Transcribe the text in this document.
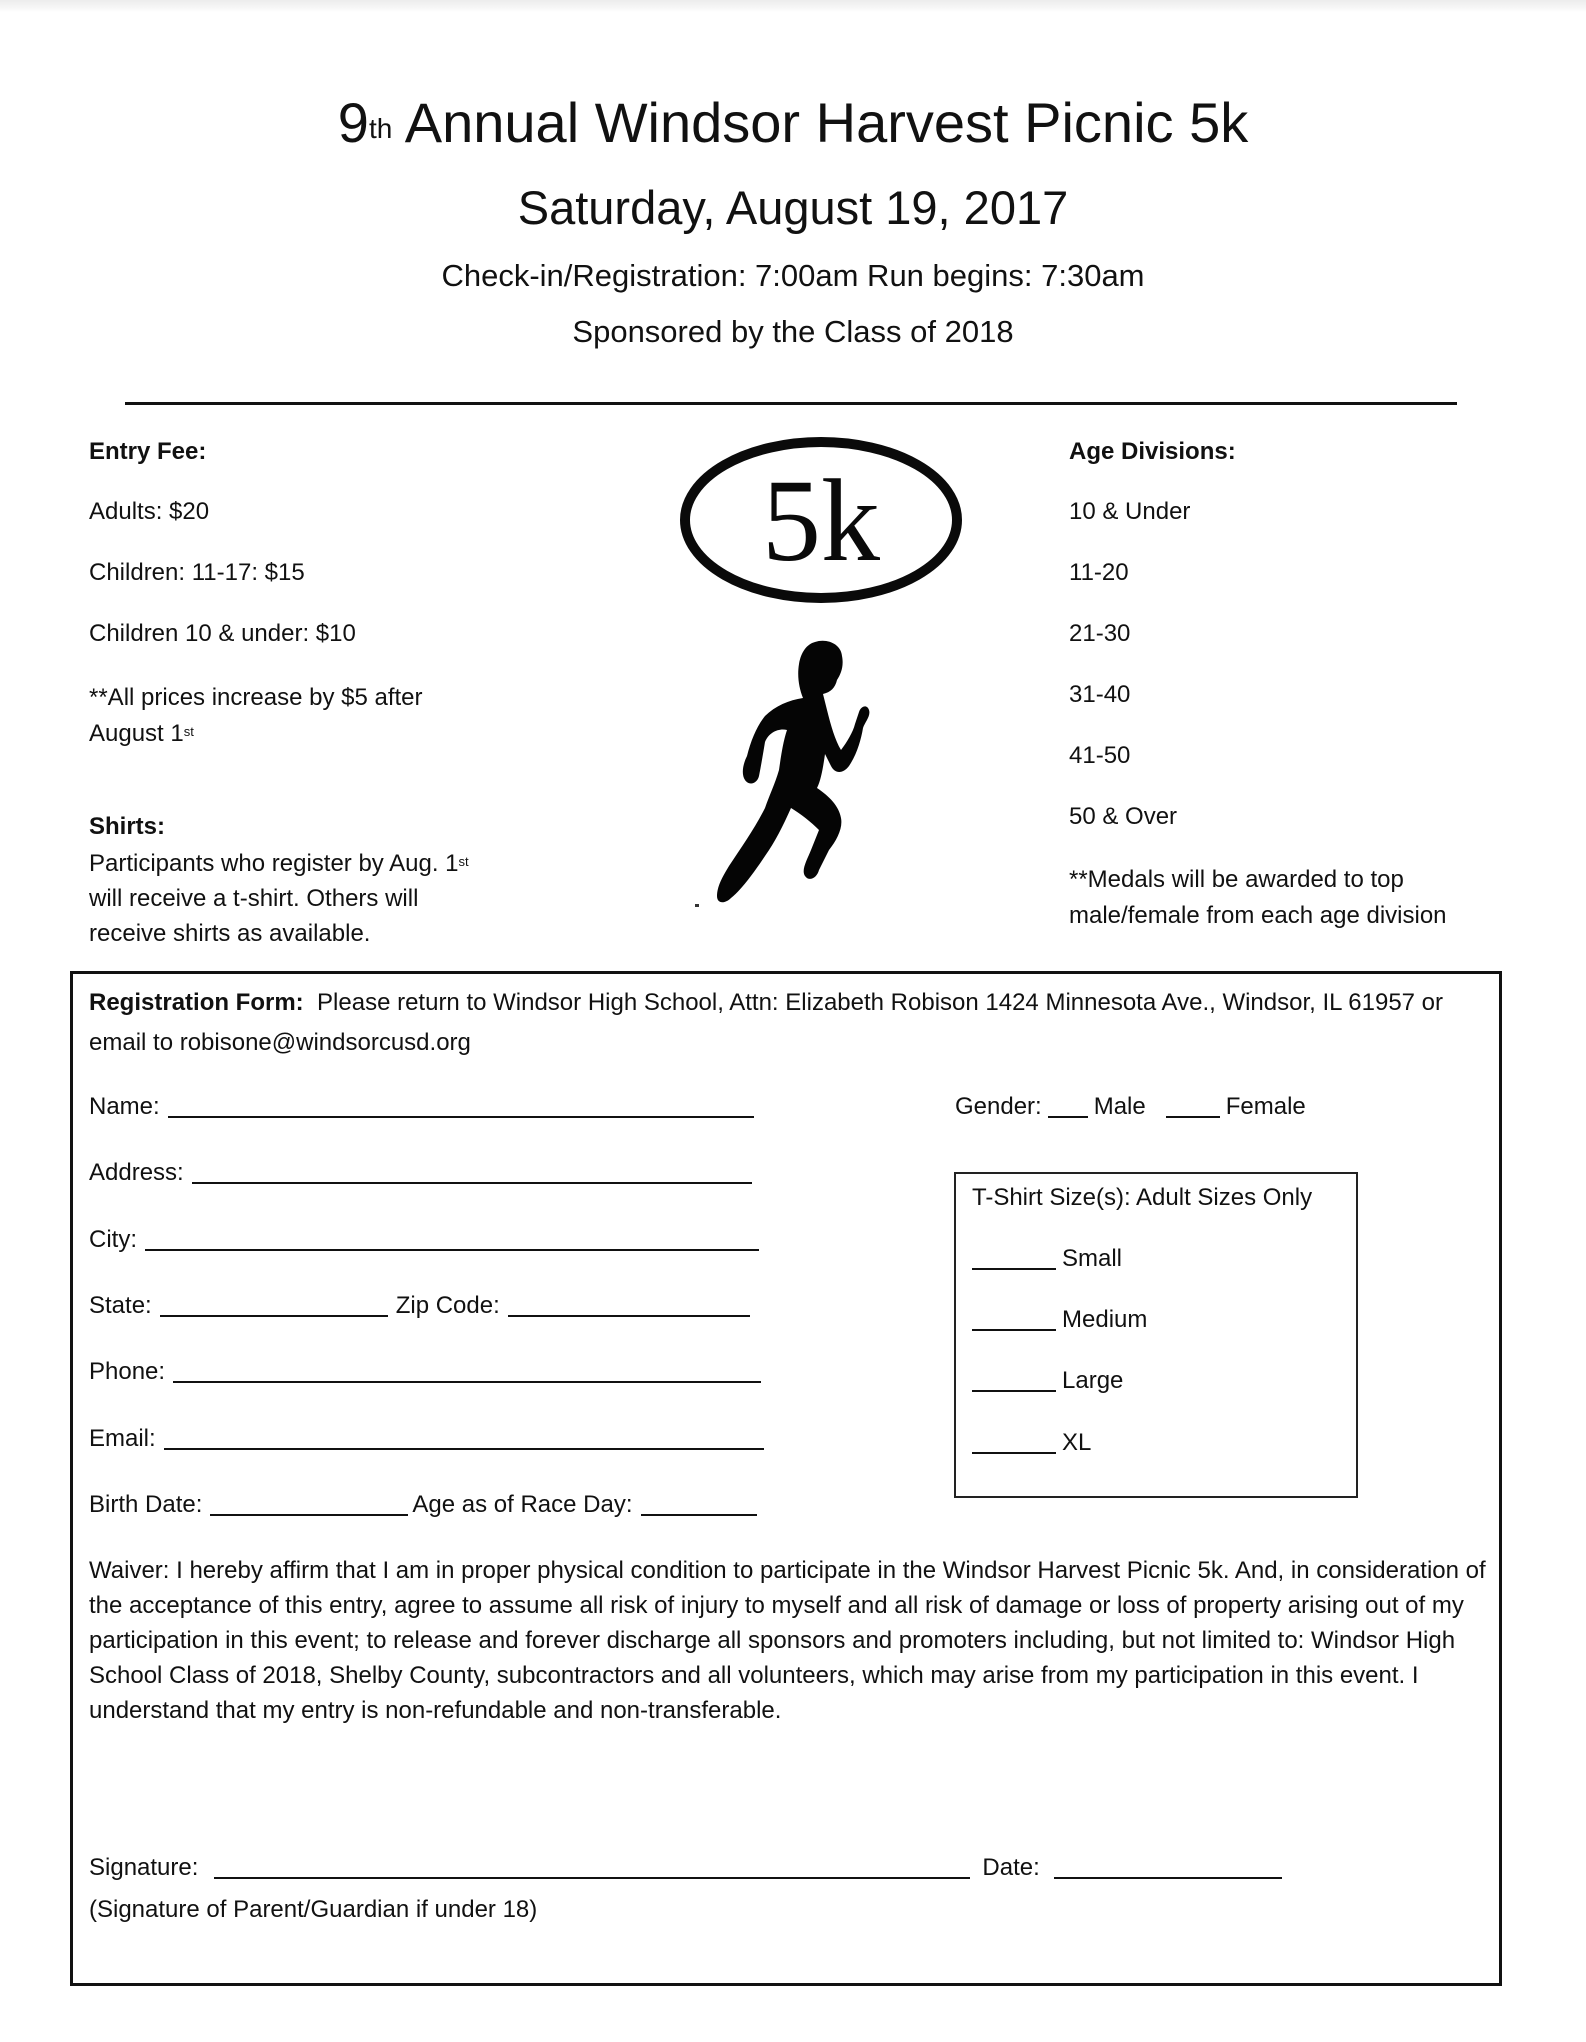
9th Annual Windsor Harvest Picnic 5k
Saturday, August 19, 2017
Check-in/Registration: 7:00am Run begins: 7:30am
Sponsored by the Class of 2018
Entry Fee:
Adults: $20
Children: 11-17: $15
Children 10 & under: $10
**All prices increase by $5 after
August 1st
Shirts:
Participants who register by Aug. 1st
will receive a t-shirt. Others will
receive shirts as available.
5k
Age Divisions:
10 & Under
11-20
21-30
31-40
41-50
50 & Over
**Medals will be awarded to top
male/female from each age division
Registration Form: Please return to Windsor High School, Attn: Elizabeth Robison 1424 Minnesota Ave., Windsor, IL 61957 or email to robisone@windsorcusd.org
Name:
Address:
City:
State:	Zip Code:
Phone:
Email:
Birth Date:	Age as of Race Day:
Gender: Male	Female
T-Shirt Size(s): Adult Sizes Only
Small
Medium
Large
XL
Waiver: I hereby affirm that I am in proper physical condition to participate in the Windsor Harvest Picnic 5k. And, in consideration of the acceptance of this entry, agree to assume all risk of injury to myself and all risk of damage or loss of property arising out of my participation in this event; to release and forever discharge all sponsors and promoters including, but not limited to: Windsor High School Class of 2018, Shelby County, subcontractors and all volunteers, which may arise from my participation in this event. I understand that my entry is non-refundable and non-transferable.
Signature:	Date:
(Signature of Parent/Guardian if under 18)
